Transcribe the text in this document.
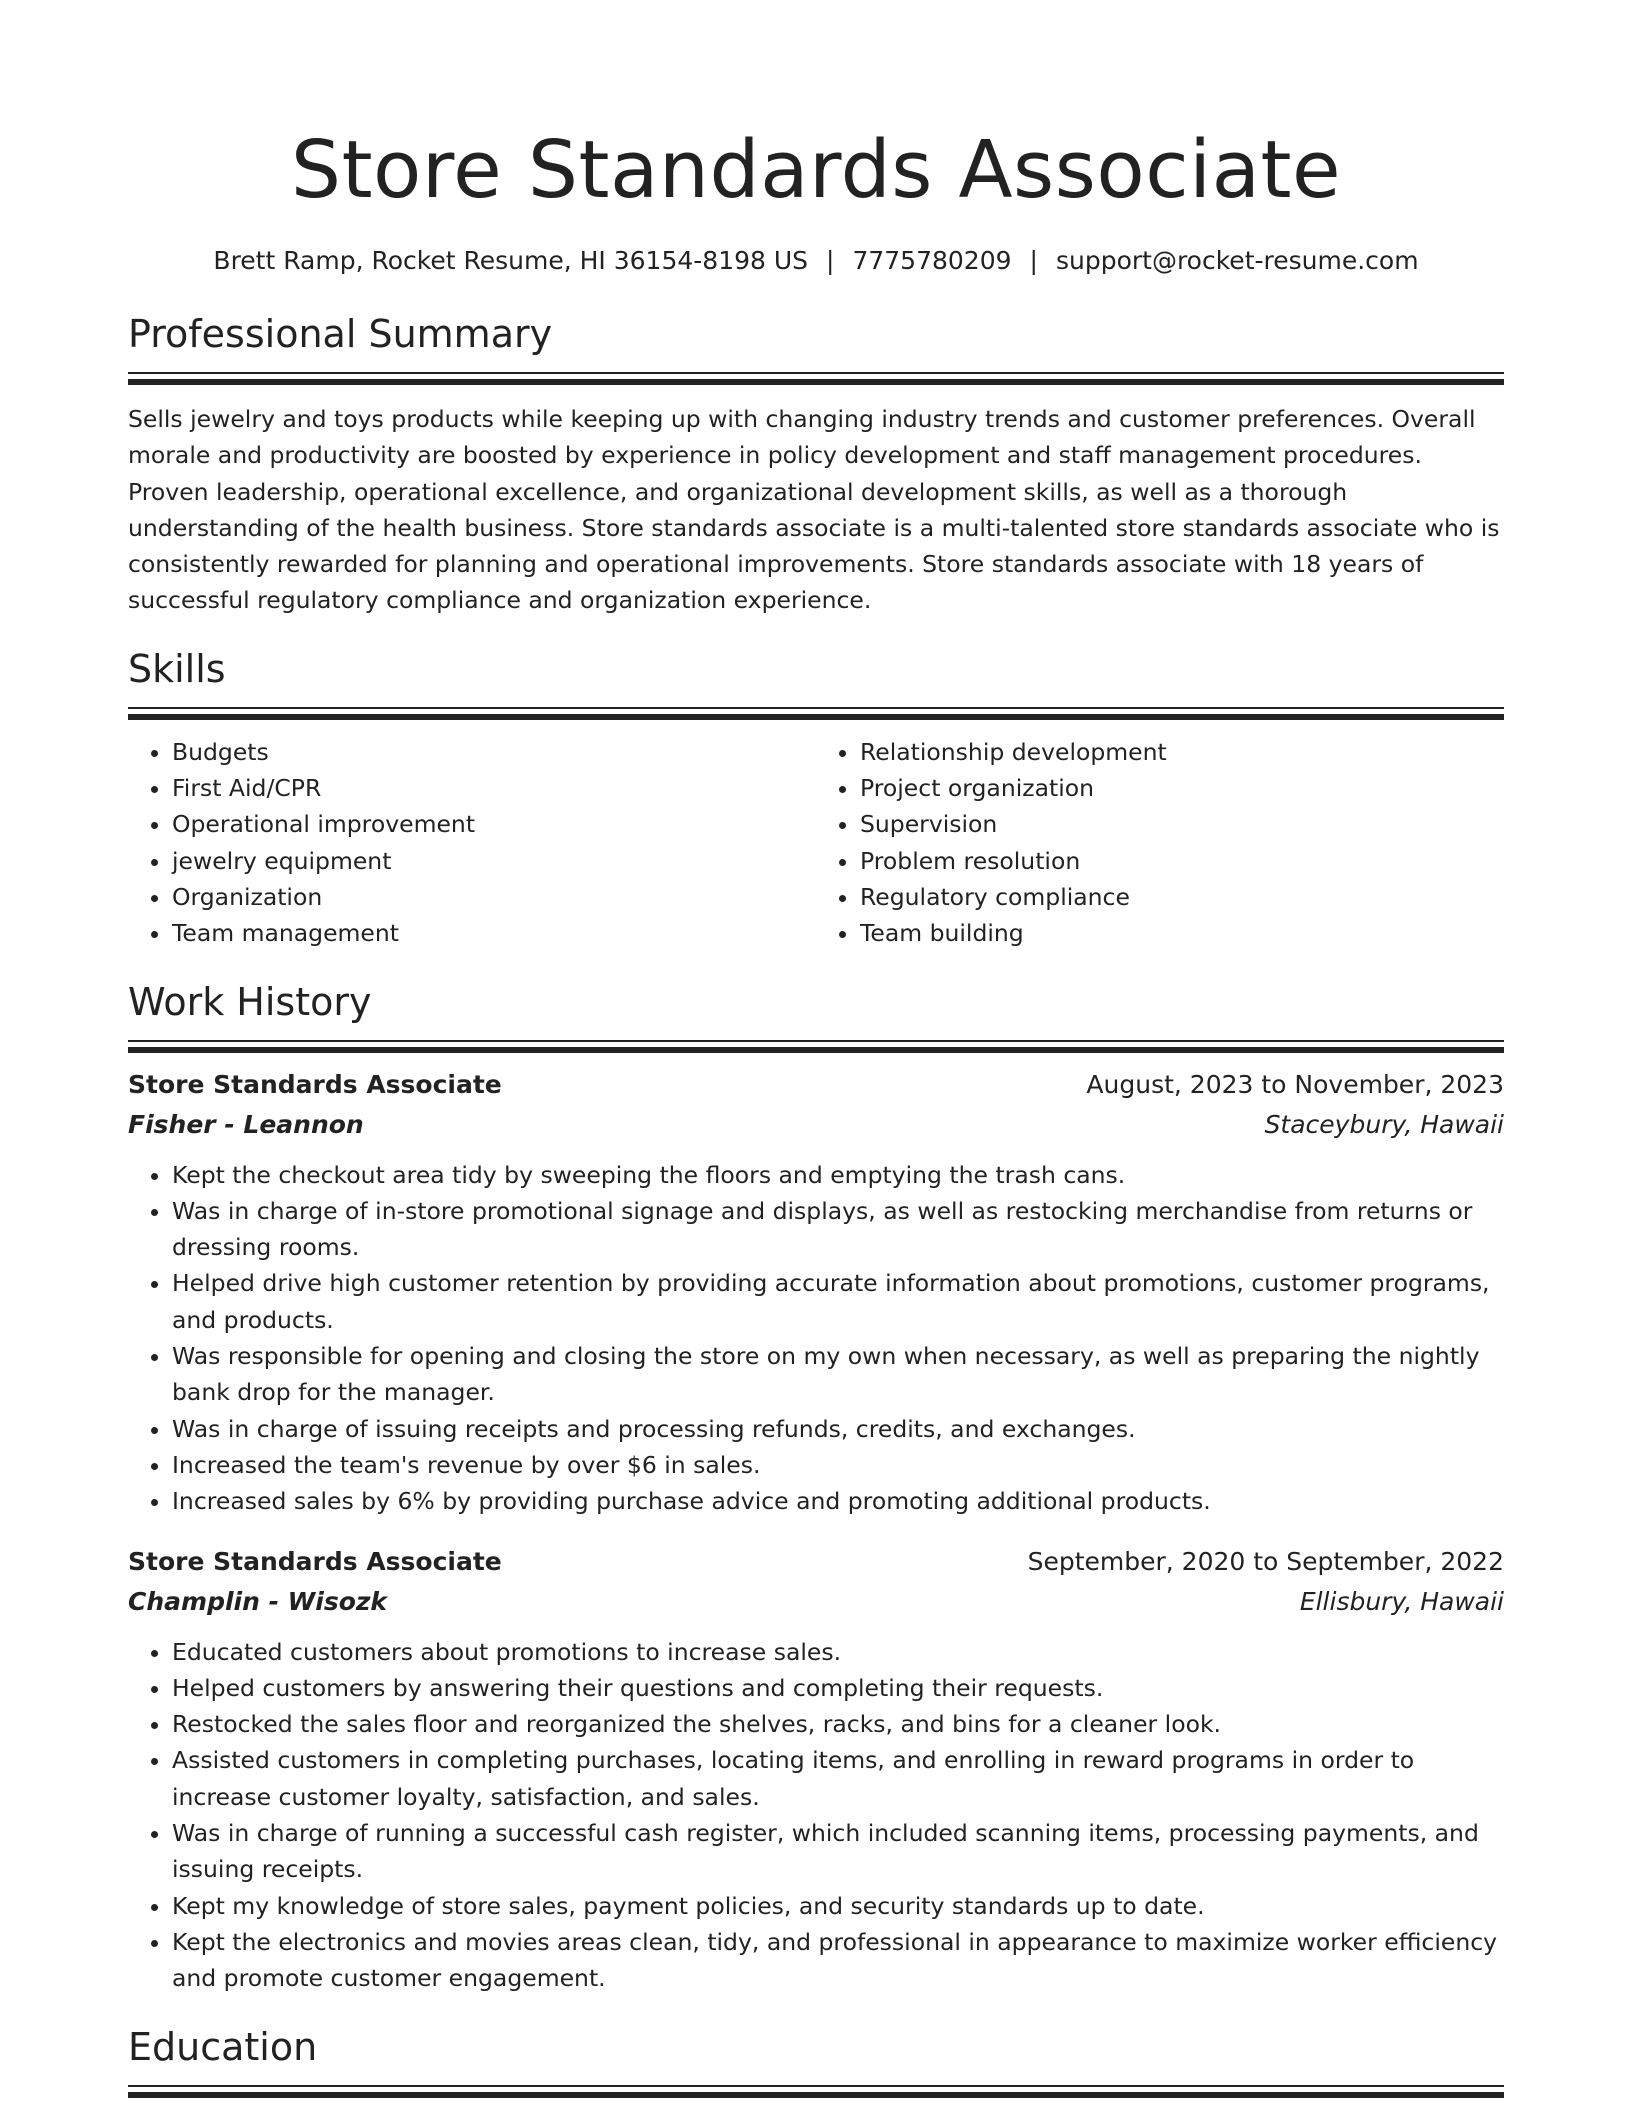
Store Standards Associate
Brett Ramp, Rocket Resume, HI 36154-8198 US | 7775780209 | support@rocket-resume.com
Professional Summary

Sells jewelry and toys products while keeping up with changing industry trends and customer preferences. Overall morale and productivity are boosted by experience in policy development and staff management procedures. Proven leadership, operational excellence, and organizational development skills, as well as a thorough understanding of the health business. Store standards associate is a multi-talented store standards associate who is consistently rewarded for planning and operational improvements. Store standards associate with 18 years of successful regulatory compliance and organization experience.

Skills
• Budgets
• First Aid/CPR
• Operational improvement
• jewelry equipment
• Organization
• Team management
• Relationship development
• Project organization
• Supervision
• Problem resolution
• Regulatory compliance
• Team building
Work History
Store Standards Associate	August, 2023 to November, 2023
Fisher - Leannon	Staceybury, Hawaii
• Kept the checkout area tidy by sweeping the floors and emptying the trash cans.
• Was in charge of in-store promotional signage and displays, as well as restocking merchandise from returns or dressing rooms.
• Helped drive high customer retention by providing accurate information about promotions, customer programs, and products.
• Was responsible for opening and closing the store on my own when necessary, as well as preparing the nightly bank drop for the manager.
• Was in charge of issuing receipts and processing refunds, credits, and exchanges.
• Increased the team's revenue by over $6 in sales.
• Increased sales by 6% by providing purchase advice and promoting additional products.
Store Standards Associate	September, 2020 to September, 2022
Champlin - Wisozk	Ellisbury, Hawaii
• Educated customers about promotions to increase sales.
• Helped customers by answering their questions and completing their requests.
• Restocked the sales floor and reorganized the shelves, racks, and bins for a cleaner look.
• Assisted customers in completing purchases, locating items, and enrolling in reward programs in order to increase customer loyalty, satisfaction, and sales.
• Was in charge of running a successful cash register, which included scanning items, processing payments, and issuing receipts.
• Kept my knowledge of store sales, payment policies, and security standards up to date.
• Kept the electronics and movies areas clean, tidy, and professional in appearance to maximize worker efficiency and promote customer engagement.
Education
